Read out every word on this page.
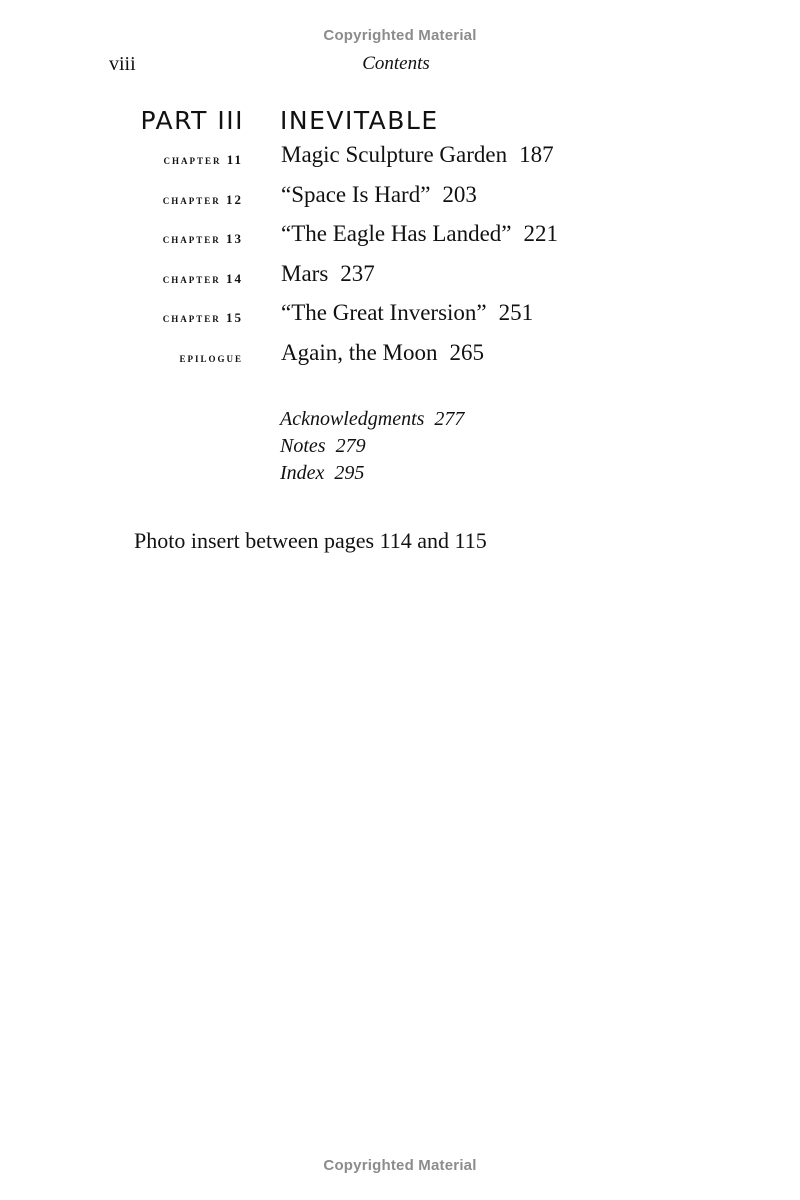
Copyrighted Material
viii	Contents
PART III INEVITABLE
chapter 11 Magic Sculpture Garden 187
chapter 12 “Space Is Hard” 203
chapter 13 “The Eagle Has Landed” 221
chapter 14 Mars 237
chapter 15 “The Great Inversion” 251
epilogue Again, the Moon 265
Acknowledgments 277
Notes 279
Index 295
Photo insert between pages 114 and 115
Copyrighted Material
